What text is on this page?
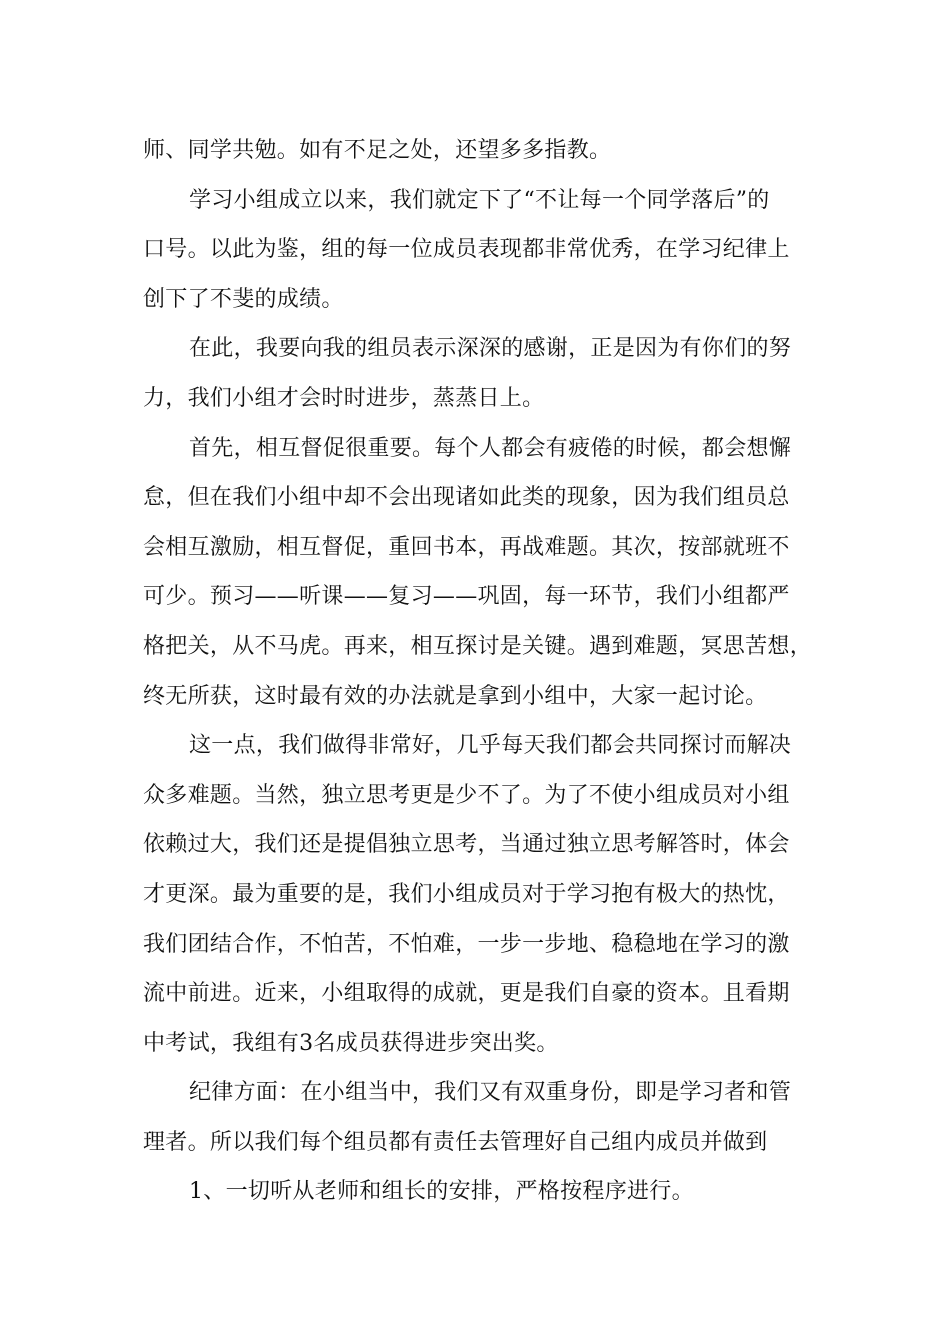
师、同学共勉。如有不足之处，还望多多指教。
学习小组成立以来，我们就定下了“不让每一个同学落后”的
口号。以此为鉴，组的每一位成员表现都非常优秀，在学习纪律上
创下了不斐的成绩。
在此，我要向我的组员表示深深的感谢，正是因为有你们的努
力，我们小组才会时时进步，蒸蒸日上。
首先，相互督促很重要。每个人都会有疲倦的时候，都会想懈
怠，但在我们小组中却不会出现诸如此类的现象，因为我们组员总
会相互激励，相互督促，重回书本，再战难题。其次，按部就班不
可少。预习——听课——复习——巩固，每一环节，我们小组都严
格把关，从不马虎。再来，相互探讨是关键。遇到难题，冥思苦想，
终无所获，这时最有效的办法就是拿到小组中，大家一起讨论。
这一点，我们做得非常好，几乎每天我们都会共同探讨而解决
众多难题。当然，独立思考更是少不了。为了不使小组成员对小组
依赖过大，我们还是提倡独立思考，当通过独立思考解答时，体会
才更深。最为重要的是，我们小组成员对于学习抱有极大的热忱，
我们团结合作，不怕苦，不怕难，一步一步地、稳稳地在学习的激
流中前进。近来，小组取得的成就，更是我们自豪的资本。且看期
中考试，我组有3名成员获得进步突出奖。
纪律方面：在小组当中，我们又有双重身份，即是学习者和管
理者。所以我们每个组员都有责任去管理好自己组内成员并做到
1、一切听从老师和组长的安排，严格按程序进行。
